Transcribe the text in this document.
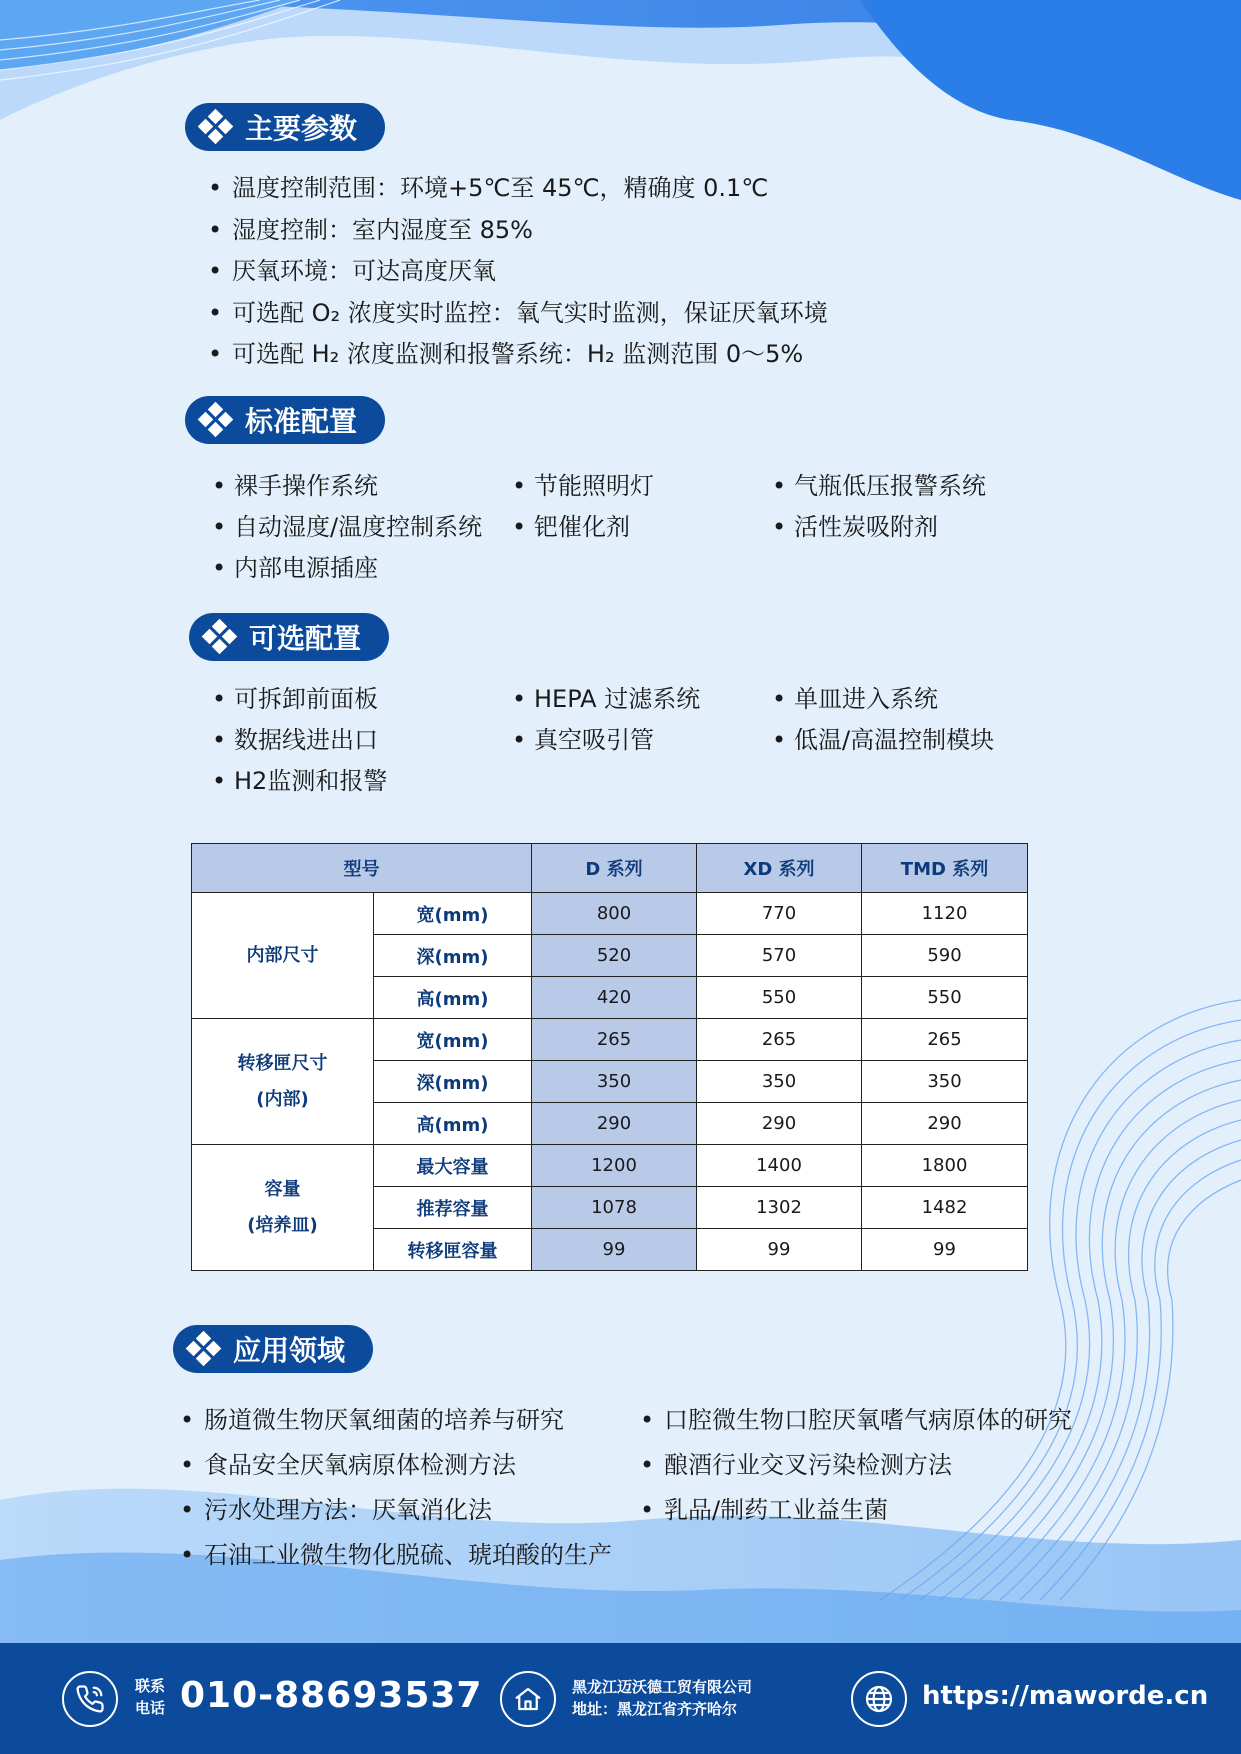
主要参数
• 温度控制范围：环境+5℃至 45℃，精确度 0.1℃
• 湿度控制：室内湿度至 85%
• 厌氧环境：可达高度厌氧
• 可选配 O₂ 浓度实时监控：氧气实时监测，保证厌氧环境
• 可选配 H₂ 浓度监测和报警系统：H₂ 监测范围 0～5%
标准配置
• 裸手操作系统	• 节能照明灯	• 气瓶低压报警系统
• 自动湿度/温度控制系统	• 钯催化剂	• 活性炭吸附剂
• 内部电源插座
可选配置
• 可拆卸前面板	• HEPA 过滤系统	• 单皿进入系统
• 数据线进出口	• 真空吸引管	• 低温/高温控制模块
• H2监测和报警
型号		D 系列	XD 系列	TMD 系列
内部尺寸	宽(mm)	800	770	1120
	深(mm)	520	570	590
	高(mm)	420	550	550
转移匣尺寸
(内部)	宽(mm)	265	265	265
	深(mm)	350	350	350
	高(mm)	290	290	290
容量
(培养皿)	最大容量	1200	1400	1800
	推荐容量	1078	1302	1482
	转移匣容量	99	99	99
应用领域
• 肠道微生物厌氧细菌的培养与研究	• 口腔微生物口腔厌氧嗜气病原体的研究
• 食品安全厌氧病原体检测方法	• 酿酒行业交叉污染检测方法
• 污水处理方法：厌氧消化法	• 乳品/制药工业益生菌
• 石油工业微生物化脱硫、琥珀酸的生产
联系
电话 010-88693537	黑龙江迈沃德工贸有限公司
地址：黑龙江省齐齐哈尔	https://maworde.cn
